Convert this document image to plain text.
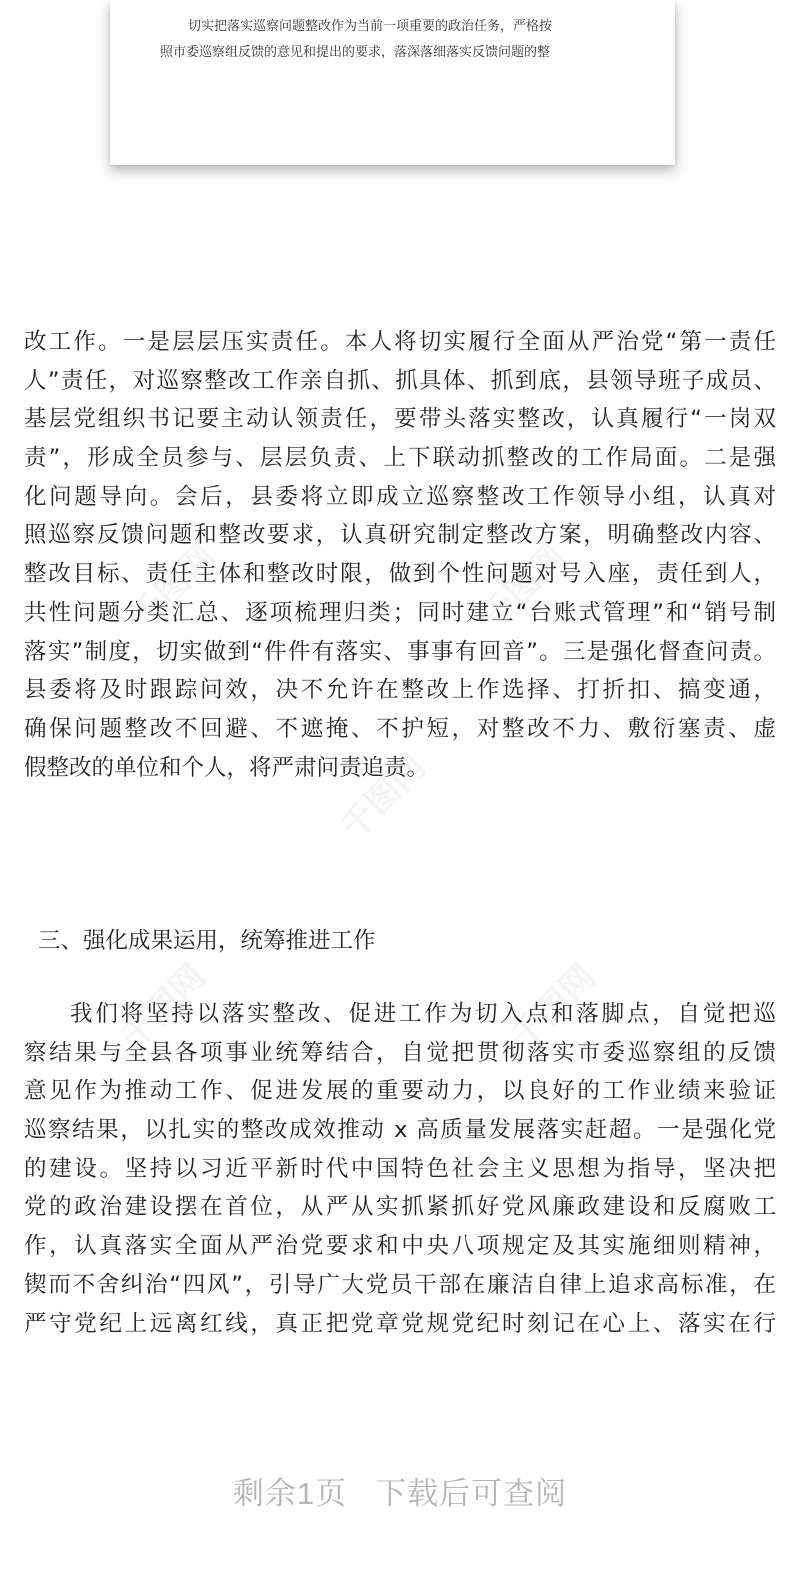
切实把落实巡察问题整改作为当前一项重要的政治任务，严格按
照市委巡察组反馈的意见和提出的要求，落深落细落实反馈问题的整
改工作。一是层层压实责任。本人将切实履行全面从严治党“第一责任
人”责任，对巡察整改工作亲自抓、抓具体、抓到底，县领导班子成员、
基层党组织书记要主动认领责任，要带头落实整改，认真履行“一岗双
责”，形成全员参与、层层负责、上下联动抓整改的工作局面。二是强
化问题导向。会后，县委将立即成立巡察整改工作领导小组，认真对
照巡察反馈问题和整改要求，认真研究制定整改方案，明确整改内容、
整改目标、责任主体和整改时限，做到个性问题对号入座，责任到人，
共性问题分类汇总、逐项梳理归类；同时建立“台账式管理”和“销号制
落实”制度，切实做到“件件有落实、事事有回音”。三是强化督查问责。
县委将及时跟踪问效，决不允许在整改上作选择、打折扣、搞变通，
确保问题整改不回避、不遮掩、不护短，对整改不力、敷衍塞责、虚
假整改的单位和个人，将严肃问责追责。
三、强化成果运用，统筹推进工作
我们将坚持以落实整改、促进工作为切入点和落脚点，自觉把巡
察结果与全县各项事业统筹结合，自觉把贯彻落实市委巡察组的反馈
意见作为推动工作、促进发展的重要动力，以良好的工作业绩来验证
巡察结果，以扎实的整改成效推动 x 高质量发展落实赶超。一是强化党
的建设。坚持以习近平新时代中国特色社会主义思想为指导，坚决把
党的政治建设摆在首位，从严从实抓紧抓好党风廉政建设和反腐败工
作，认真落实全面从严治党要求和中央八项规定及其实施细则精神，
锲而不舍纠治“四风”，引导广大党员干部在廉洁自律上追求高标准，在
严守党纪上远离红线，真正把党章党规党纪时刻记在心上、落实在行
剩余1页 下载后可查阅
